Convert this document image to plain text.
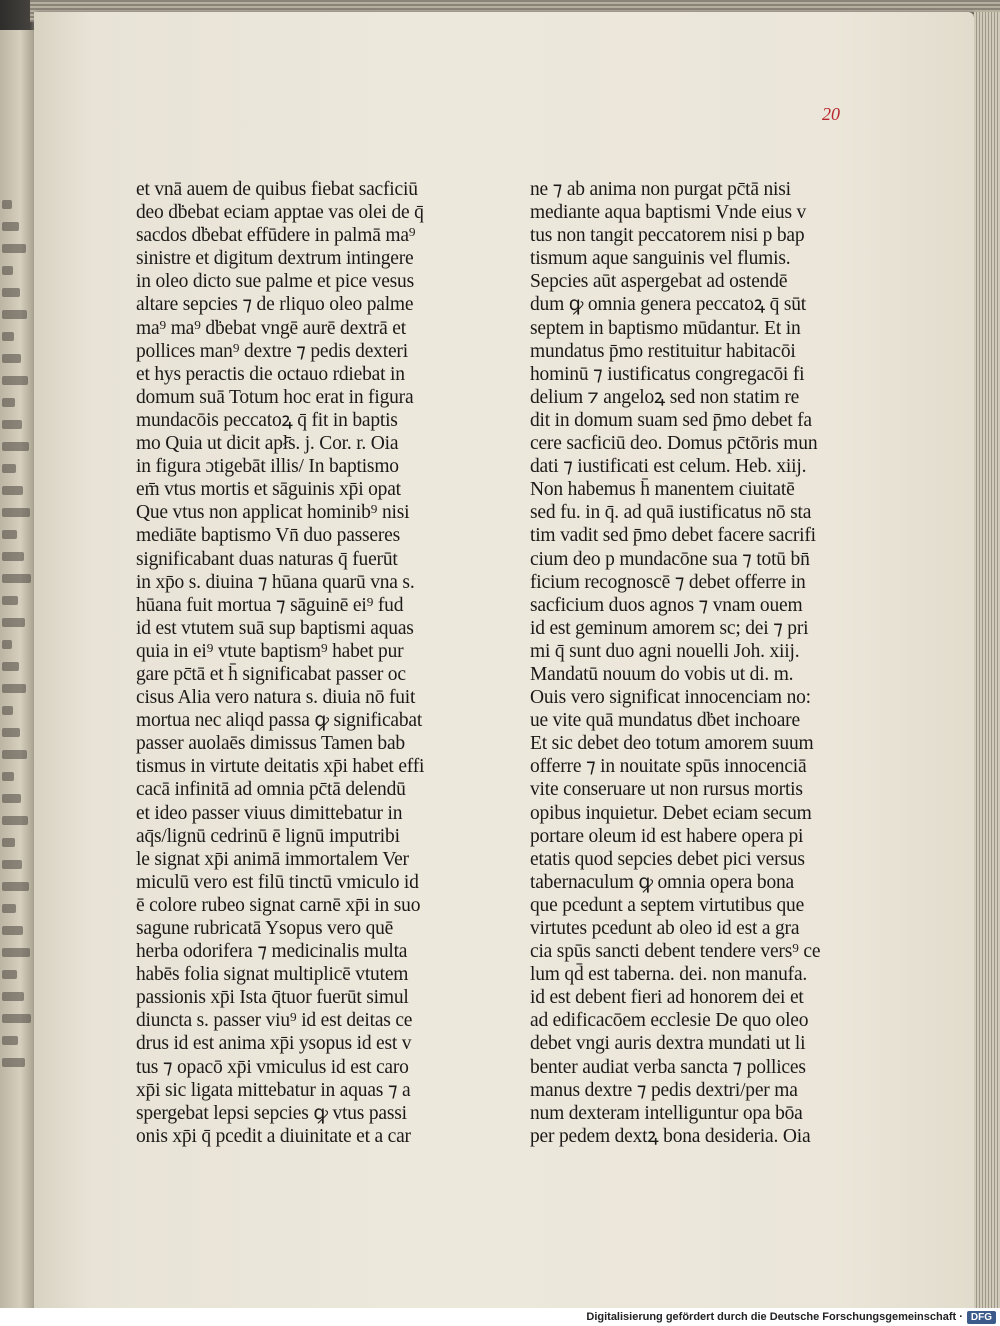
20
et vnā auem de quibus fiebat sacficiū
deo dḃebat eciam apptae vas olei de q̄
sacdos dḃebat effūdere in palmā ma⁹
sinistre et digitum dextrum intingere
in oleo dicto sue palme et pice vesus
altare sepcies ⁊ de rliquo oleo palme
ma⁹ ma⁹ dḃebat vngē aurē dextrā et
pollices man⁹ dextre ⁊ pedis dexteri
et hys peractis die octauo rdiebat in
domum suā Totum hoc erat in figura
mundacōis peccatoꝝ q̄ fit in baptis
mo Quia ut dicit apł̄s. j. Cor. r. Oia
in figura ɔtigebāt illis/ In baptismo
em̄ vtus mortis et sāguinis xp̄i opat
Que vtus non applicat hominib⁹ nisi
mediāte baptismo Vn̄ duo passeres
significabant duas naturas q̄ fuerūt
in xp̄o s. diuina ⁊ hūana quarū vna s.
hūana fuit mortua ⁊ sāguinē ei⁹ fud
id est vtutem suā sup baptismi aquas
quia in ei⁹ vtute baptism⁹ habet pur
gare pc̄tā et h̄ significabat passer oc
cisus Alia vero natura s. diuia nō fuit
mortua nec aliqd passa ꝙ significabat
passer auolaēs dimissus Tamen bab
tismus in virtute deitatis xp̄i habet effi
cacā infinitā ad omnia pc̄tā delendū
et ideo passer viuus dimittebatur in
aq̄s/lignū cedrinū ē lignū imputribi
le signat xp̄i animā immortalem Ver
miculū vero est filū tinctū vmiculo id
ē colore rubeo signat carnē xp̄i in suo
sagune rubricatā Ysopus vero quē
herba odorifera ⁊ medicinalis multa
habēs folia signat multiplicē vtutem
passionis xp̄i Ista q̄tuor fuerūt simul
diuncta s. passer viu⁹ id est deitas ce
drus id est anima xp̄i ysopus id est v
tus ⁊ opacō xp̄i vmiculus id est caro
xp̄i sic ligata mittebatur in aquas ⁊ a
spergebat lepsi sepcies ꝙ vtus passi
onis xp̄i q̄ pcedit a diuinitate et a car
ne ⁊ ab anima non purgat pc̄tā nisi
mediante aqua baptismi Vnde eius v
tus non tangit peccatorem nisi p bap
tismum aque sanguinis vel flumis.
Sepcies aūt aspergebat ad ostendē
dum ꝙ omnia genera peccatoꝝ q̄ sūt
septem in baptismo mūdantur. Et in
mundatus p̄mo restituitur habitacōi
hominū ⁊ iustificatus congregacōi fi
delium ⁊ angeloꝝ sed non statim re
dit in domum suam sed p̄mo debet fa
cere sacficiū deo. Domus pc̄tōris mun
dati ⁊ iustificati est celum. Heb. xiij.
Non habemus h̄ manentem ciuitatē
sed fu. in q̄. ad quā iustificatus nō sta
tim vadit sed p̄mo debet facere sacrifi
cium deo p mundacōne sua ⁊ totū bn̄
ficium recognoscē ⁊ debet offerre in
sacficium duos agnos ⁊ vnam ouem
id est geminum amorem sc; dei ⁊ pri
mi q̄ sunt duo agni nouelli Joh. xiij.
Mandatū nouum do vobis ut di. m.
Ouis vero significat innocenciam no:
ue vite quā mundatus dḃet inchoare
Et sic debet deo totum amorem suum
offerre ⁊ in nouitate spūs innocenciā
vite conseruare ut non rursus mortis
opibus inquietur. Debet eciam secum
portare oleum id est habere opera pi
etatis quod sepcies debet pici versus
tabernaculum ꝙ omnia opera bona
que pcedunt a septem virtutibus que
virtutes pcedunt ab oleo id est a gra
cia spūs sancti debent tendere vers⁹ ce
lum qd̄ est taberna. dei. non manufa.
id est debent fieri ad honorem dei et
ad edificacōem ecclesie De quo oleo
debet vngi auris dextra mundati ut li
benter audiat verba sancta ⁊ pollices
manus dextre ⁊ pedis dextri/per ma
num dexteram intelliguntur opa bōa
per pedem dextꝝ bona desideria. Oia
Digitalisierung gefördert durch die Deutsche Forschungsgemeinschaft · DFG
